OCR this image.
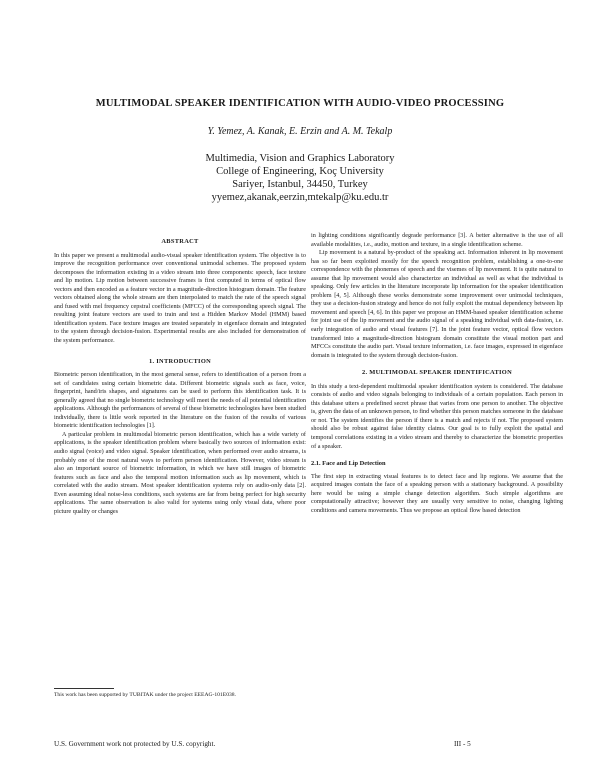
MULTIMODAL SPEAKER IDENTIFICATION WITH AUDIO-VIDEO PROCESSING
Y. Yemez, A. Kanak, E. Erzin and A. M. Tekalp
Multimedia, Vision and Graphics Laboratory
College of Engineering, Koç University
Sariyer, Istanbul, 34450, Turkey
yyemez,akanak,eerzin,mtekalp@ku.edu.tr
ABSTRACT

In this paper we present a multimodal audio-visual speaker identification system. The objective is to improve the recognition performance over conventional unimodal schemes. The proposed system decomposes the information existing in a video stream into three components: speech, face texture and lip motion. Lip motion between successive frames is first computed in terms of optical flow vectors and then encoded as a feature vector in a magnitude-direction histogram domain. The feature vectors obtained along the whole stream are then interpolated to match the rate of the speech signal and fused with mel frequency cepstral coefficients (MFCC) of the corresponding speech signal. The resulting joint feature vectors are used to train and test a Hidden Markov Model (HMM) based identification system. Face texture images are treated separately in eigenface domain and integrated to the system through decision-fusion. Experimental results are also included for demonstration of the system performance.

1. INTRODUCTION

Biometric person identification, in the most general sense, refers to identification of a person from a set of candidates using certain biometric data. Different biometric signals such as face, voice, fingerprint, hand/iris shapes, and signatures can be used to perform this identification task. It is generally agreed that no single biometric technology will meet the needs of all potential identification applications. Although the performances of several of these biometric technologies have been studied individually, there is little work reported in the literature on the fusion of the results of various biometric identification technologies [1].

A particular problem in multimodal biometric person identification, which has a wide variety of applications, is the speaker identification problem where basically two sources of information exist: audio signal (voice) and video signal. Speaker identification, when performed over audio streams, is probably one of the most natural ways to perform person identification. However, video stream is also an important source of biometric information, in which we have still images of biometric features such as face and also the temporal motion information such as lip movement, which is correlated with the audio stream. Most speaker identification systems rely on audio-only data [2]. Even assuming ideal noise-less conditions, such systems are far from being perfect for high security applications. The same observation is also valid for systems using only visual data, where poor picture quality or changes

This work has been supported by TUBITAK under the project EEEAG-101E038.

in lighting conditions significantly degrade performance [3]. A better alternative is the use of all available modalities, i.e., audio, motion and texture, in a single identification scheme.

Lip movement is a natural by-product of the speaking act. Information inherent in lip movement has so far been exploited mostly for the speech recognition problem, establishing a one-to-one correspondence with the phonemes of speech and the visemes of lip movement. It is quite natural to assume that lip movement would also characterize an individual as well as what the individual is speaking. Only few articles in the literature incorporate lip information for the speaker identification problem [4, 5]. Although these works demonstrate some improvement over unimodal techniques, they use a decision-fusion strategy and hence do not fully exploit the mutual dependency between lip movement and speech [4, 6]. In this paper we propose an HMM-based speaker identification scheme for joint use of the lip movement and the audio signal of a speaking individual with data-fusion, i.e. early integration of audio and visual features [7]. In the joint feature vector, optical flow vectors transformed into a magnitude-direction histogram domain constitute the visual motion part and MFCCs constitute the audio part. Visual texture information, i.e. face images, expressed in eigenface domain is integrated to the system through decision-fusion.

2. MULTIMODAL SPEAKER IDENTIFICATION

In this study a text-dependent multimodal speaker identification system is considered. The database consists of audio and video signals belonging to individuals of a certain population. Each person in this database utters a predefined secret phrase that varies from one person to another. The objective is, given the data of an unknown person, to find whether this person matches someone in the database or not. The system identifies the person if there is a match and rejects if not. The proposed system should also be robust against false identity claims. Our goal is to fully exploit the spatial and temporal correlations existing in a video stream and thereby to characterize the biometric properties of a speaker.

2.1. Face and Lip Detection

The first step in extracting visual features is to detect face and lip regions. We assume that the acquired images contain the face of a speaking person with a stationary background. A possibility here would be using a simple change detection algorithm. Such simple algorithms are computationally attractive; however they are usually very sensitive to noise, changing lighting conditions and camera movements. Thus we propose an optical flow based detection

U.S. Government work not protected by U.S. copyright.	III - 5
